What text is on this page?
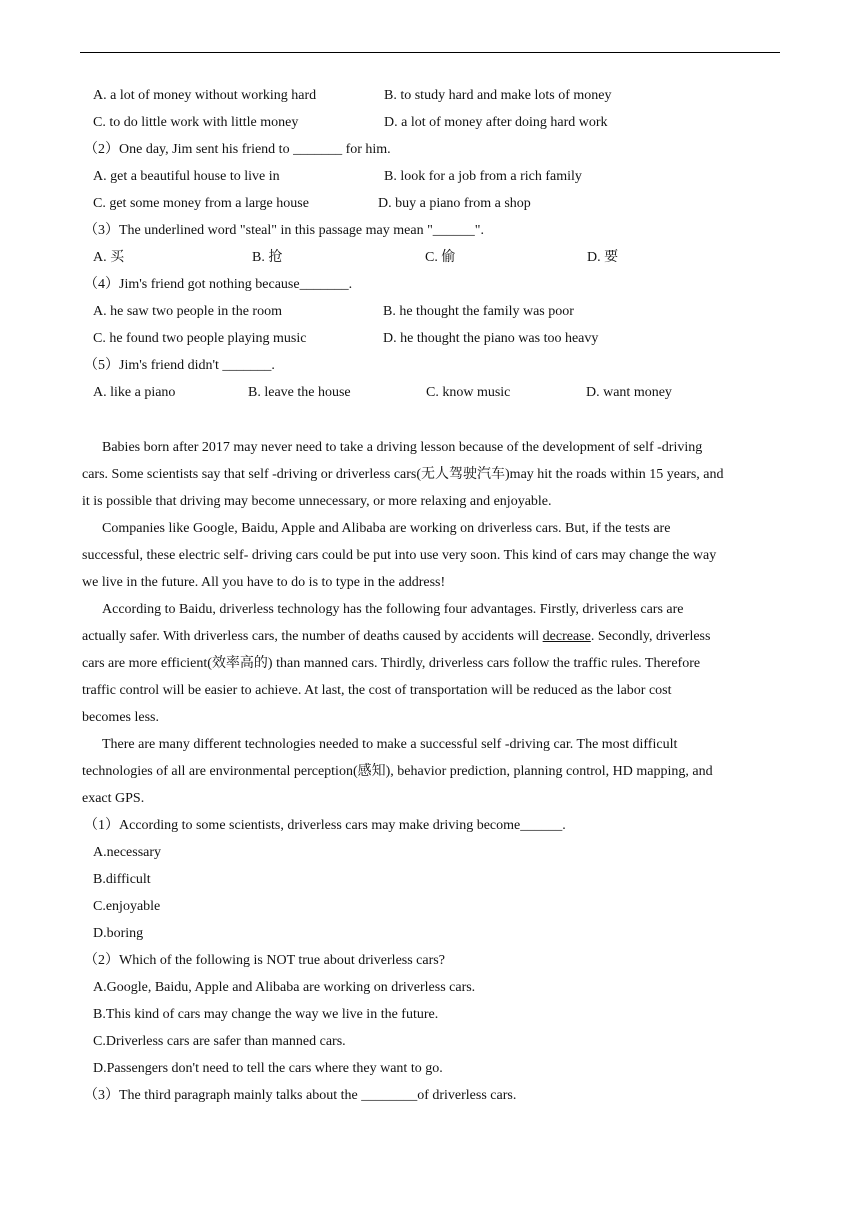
A. a lot of money without working hard	B. to study hard and make lots of money
C. to do little work with little money	D. a lot of money after doing hard work
（2）One day, Jim sent his friend to _______ for him.
A. get a beautiful house to live in	B. look for a job from a rich family
C. get some money from a large house	D. buy a piano from a shop
（3）The underlined word "steal" in this passage may mean "______".
A. 买	B. 抢	C. 偷	D. 要
（4）Jim's friend got nothing because_______.
A. he saw two people in the room	B. he thought the family was poor
C. he found two people playing music	D. he thought the piano was too heavy
（5）Jim's friend didn't _______.
A. like a piano	B. leave the house	C. know music	D. want money
Babies born after 2017 may never need to take a driving lesson because of the development of self -driving
cars. Some scientists say that self -driving or driverless cars(无人驾驶汽车)may hit the roads within 15 years, and
it is possible that driving may become unnecessary, or more relaxing and enjoyable.
Companies like Google, Baidu, Apple and Alibaba are working on driverless cars. But, if the tests are
successful, these electric self- driving cars could be put into use very soon. This kind of cars may change the way
we live in the future. All you have to do is to type in the address!
According to Baidu, driverless technology has the following four advantages. Firstly, driverless cars are
actually safer. With driverless cars, the number of deaths caused by accidents will decrease. Secondly, driverless
cars are more efficient(效率高的) than manned cars. Thirdly, driverless cars follow the traffic rules. Therefore
traffic control will be easier to achieve. At last, the cost of transportation will be reduced as the labor cost
becomes less.
There are many different technologies needed to make a successful self -driving car. The most difficult
technologies of all are environmental perception(感知), behavior prediction, planning control, HD mapping, and
exact GPS.
（1）According to some scientists, driverless cars may make driving become______.
A.necessary
B.difficult
C.enjoyable
D.boring
（2）Which of the following is NOT true about driverless cars?
A.Google, Baidu, Apple and Alibaba are working on driverless cars.
B.This kind of cars may change the way we live in the future.
C.Driverless cars are safer than manned cars.
D.Passengers don't need to tell the cars where they want to go.
（3）The third paragraph mainly talks about the ________of driverless cars.
